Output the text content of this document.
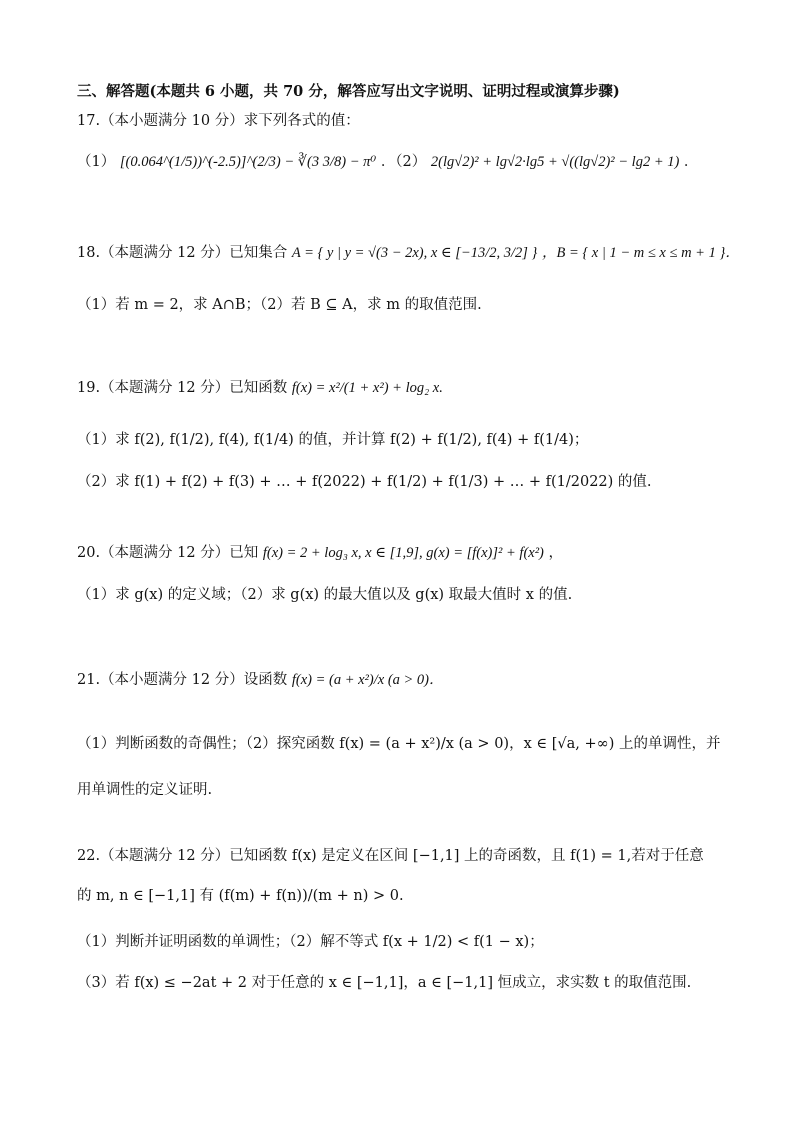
三、解答题(本题共 6 小题，共 70 分，解答应写出文字说明、证明过程或演算步骤)
17.（本小题满分 10 分）求下列各式的值：
（1） [(0.064^(1/5))^(-2.5)]^(2/3) − ∛(3 3/8) − π⁰ ．（2） 2(lg√2)² + lg√2·lg5 + √((lg√2)² − lg2 + 1) ．
18.（本题满分 12 分）已知集合 A = { y | y = √(3 − 2x), x ∈ [−13/2, 3/2] } ，B = { x | 1 − m ≤ x ≤ m + 1 }．
（1）若 m = 2，求 A∩B；（2）若 B ⊆ A，求 m 的取值范围.
19.（本题满分 12 分）已知函数 f(x) = x²/(1 + x²) + log₂ x.
（1）求 f(2), f(1/2), f(4), f(1/4) 的值，并计算 f(2) + f(1/2), f(4) + f(1/4)；
（2）求 f(1) + f(2) + f(3) + … + f(2022) + f(1/2) + f(1/3) + … + f(1/2022) 的值.
20.（本题满分 12 分）已知 f(x) = 2 + log₃ x, x ∈ [1,9], g(x) = [f(x)]² + f(x²) ，
（1）求 g(x) 的定义域；（2）求 g(x) 的最大值以及 g(x) 取最大值时 x 的值.
21.（本小题满分 12 分）设函数 f(x) = (a + x²)/x (a > 0)．
（1）判断函数的奇偶性；（2）探究函数 f(x) = (a + x²)/x (a > 0)，x ∈ [√a, +∞) 上的单调性，并
用单调性的定义证明.
22.（本题满分 12 分）已知函数 f(x) 是定义在区间 [−1,1] 上的奇函数，且 f(1) = 1,若对于任意
的 m, n ∈ [−1,1] 有 (f(m) + f(n))/(m + n) > 0.
（1）判断并证明函数的单调性；（2）解不等式 f(x + 1/2) < f(1 − x)；
（3）若 f(x) ≤ −2at + 2 对于任意的 x ∈ [−1,1]，a ∈ [−1,1] 恒成立，求实数 t 的取值范围.
